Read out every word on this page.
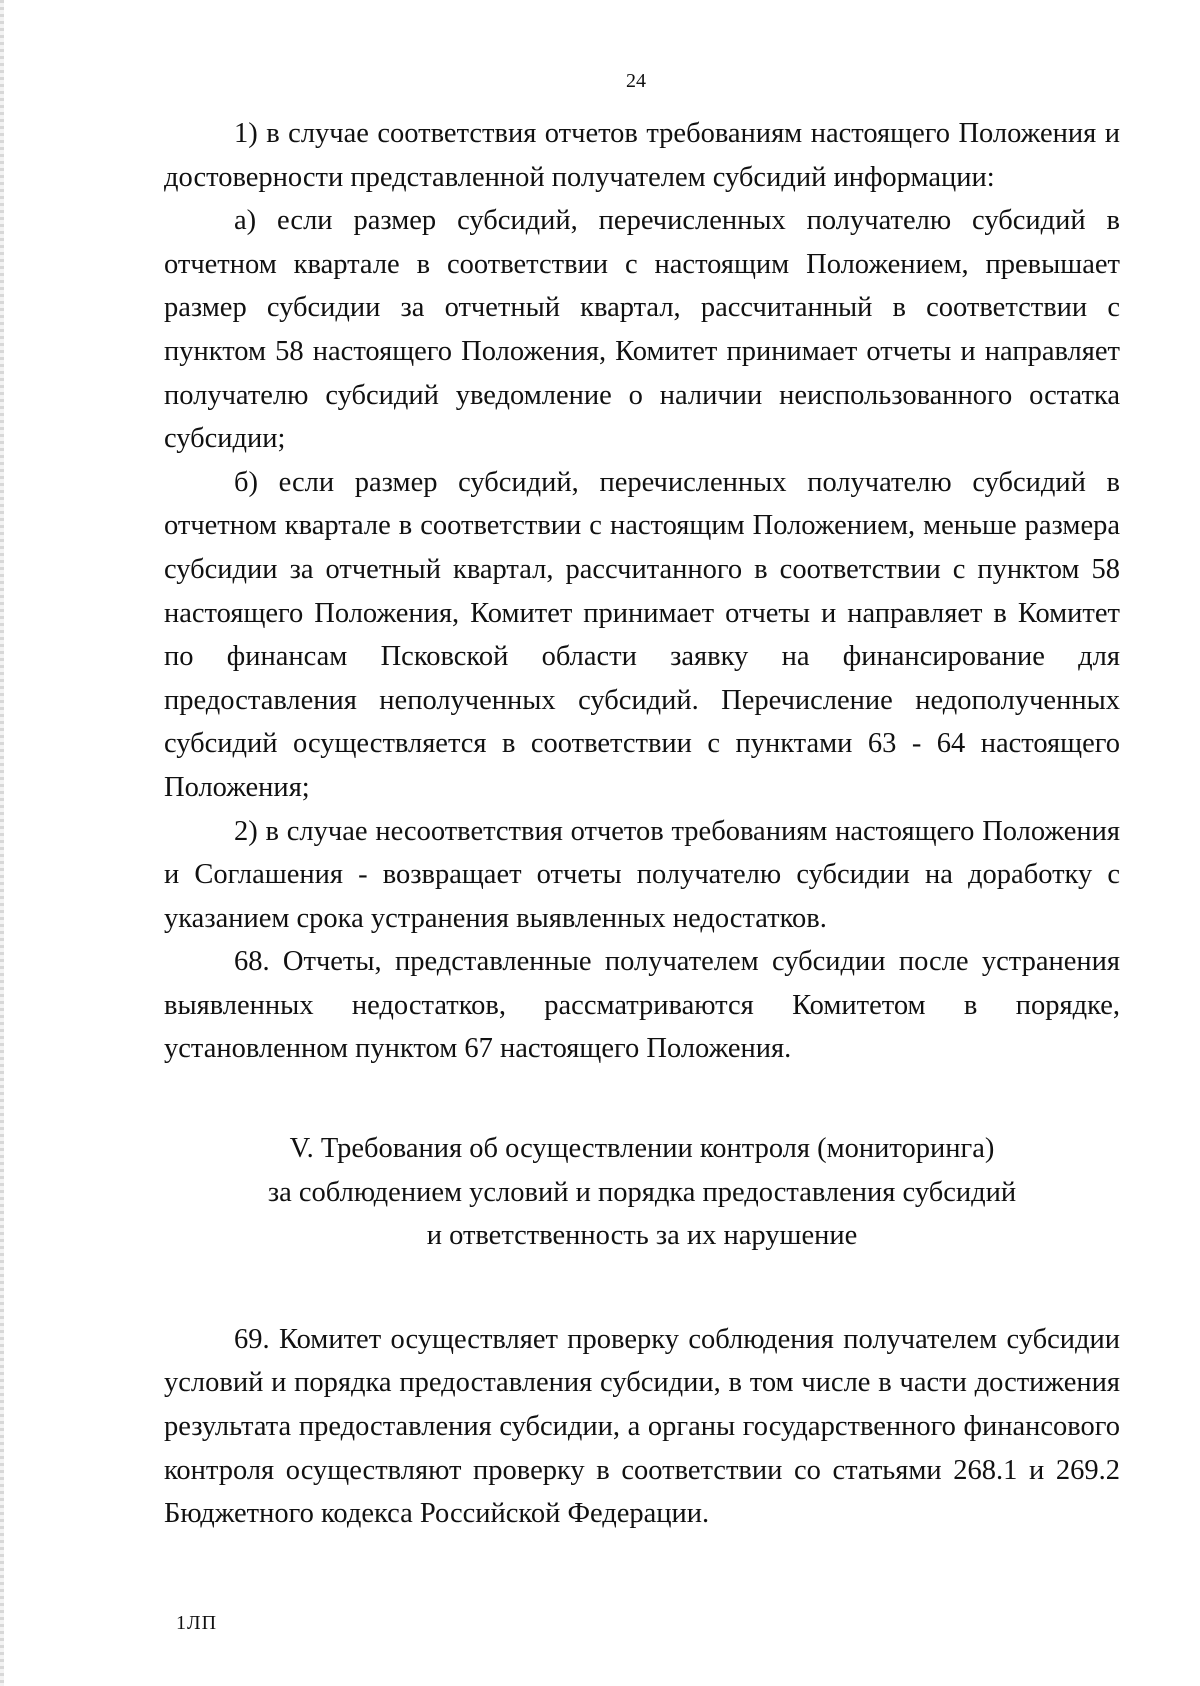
24

1) в случае соответствия отчетов требованиям настоящего Положения и достоверности представленной получателем субсидий информации:

а) если размер субсидий, перечисленных получателю субсидий в отчетном квартале в соответствии с настоящим Положением, превышает размер субсидии за отчетный квартал, рассчитанный в соответствии с пунктом 58 настоящего Положения, Комитет принимает отчеты и направляет получателю субсидий уведомление о наличии неиспользованного остатка субсидии;

б) если размер субсидий, перечисленных получателю субсидий в отчетном квартале в соответствии с настоящим Положением, меньше размера субсидии за отчетный квартал, рассчитанного в соответствии с пунктом 58 настоящего Положения, Комитет принимает отчеты и направляет в Комитет по финансам Псковской области заявку на финансирование для предоставления неполученных субсидий. Перечисление недополученных субсидий осуществляется в соответствии с пунктами 63 - 64 настоящего Положения;

2) в случае несоответствия отчетов требованиям настоящего Положения и Соглашения - возвращает отчеты получателю субсидии на доработку с указанием срока устранения выявленных недостатков.

68. Отчеты, представленные получателем субсидии после устранения выявленных недостатков, рассматриваются Комитетом в порядке, установленном пунктом 67 настоящего Положения.

V. Требования об осуществлении контроля (мониторинга)
за соблюдением условий и порядка предоставления субсидий
и ответственность за их нарушение

69. Комитет осуществляет проверку соблюдения получателем субсидии условий и порядка предоставления субсидии, в том числе в части достижения результата предоставления субсидии, а органы государственного финансового контроля осуществляют проверку в соответствии со статьями 268.1 и 269.2 Бюджетного кодекса Российской Федерации.

1ЛП
